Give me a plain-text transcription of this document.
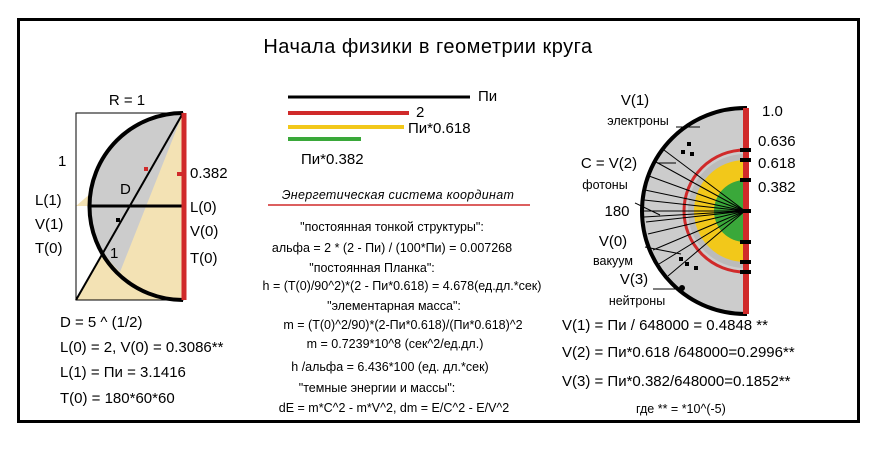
Начала физики в геометрии круга
R = 1
1
L(1)
V(1)
T(0)
D
1
0.382
L(0)
V(0)
T(0)
D = 5 ^ (1/2)
L(0) = 2, V(0) = 0.3086**
L(1) = Пи = 3.1416
T(0) = 180*60*60
Пи
2
Пи*0.618
Пи*0.382
Энергетическая система координат
"постоянная тонкой структуры":
альфа = 2 * (2 - Пи) / (100*Пи) = 0.007268
"постоянная Планка":
h = (T(0)/90^2)*(2 - Пи*0.618) = 4.678(ед.дл.*сек)
"элементарная масса":
m = (T(0)^2/90)*(2-Пи*0.618)/(Пи*0.618)^2
m = 0.7239*10^8 (сек^2/ед.дл.)
h /альфа = 6.436*100 (ед. дл.*сек)
"темные энергии и массы":
dE = m*C^2 - m*V^2, dm = E/C^2 - E/V^2
V(1)
электроны
C = V(2)
фотоны
180
V(0)
вакуум
V(3)
нейтроны
1.0
0.636
0.618
0.382
V(1) = Пи / 648000 = 0.4848 **
V(2) = Пи*0.618 /648000=0.2996**
V(3) = Пи*0.382/648000=0.1852**
где ** = *10^(-5)
